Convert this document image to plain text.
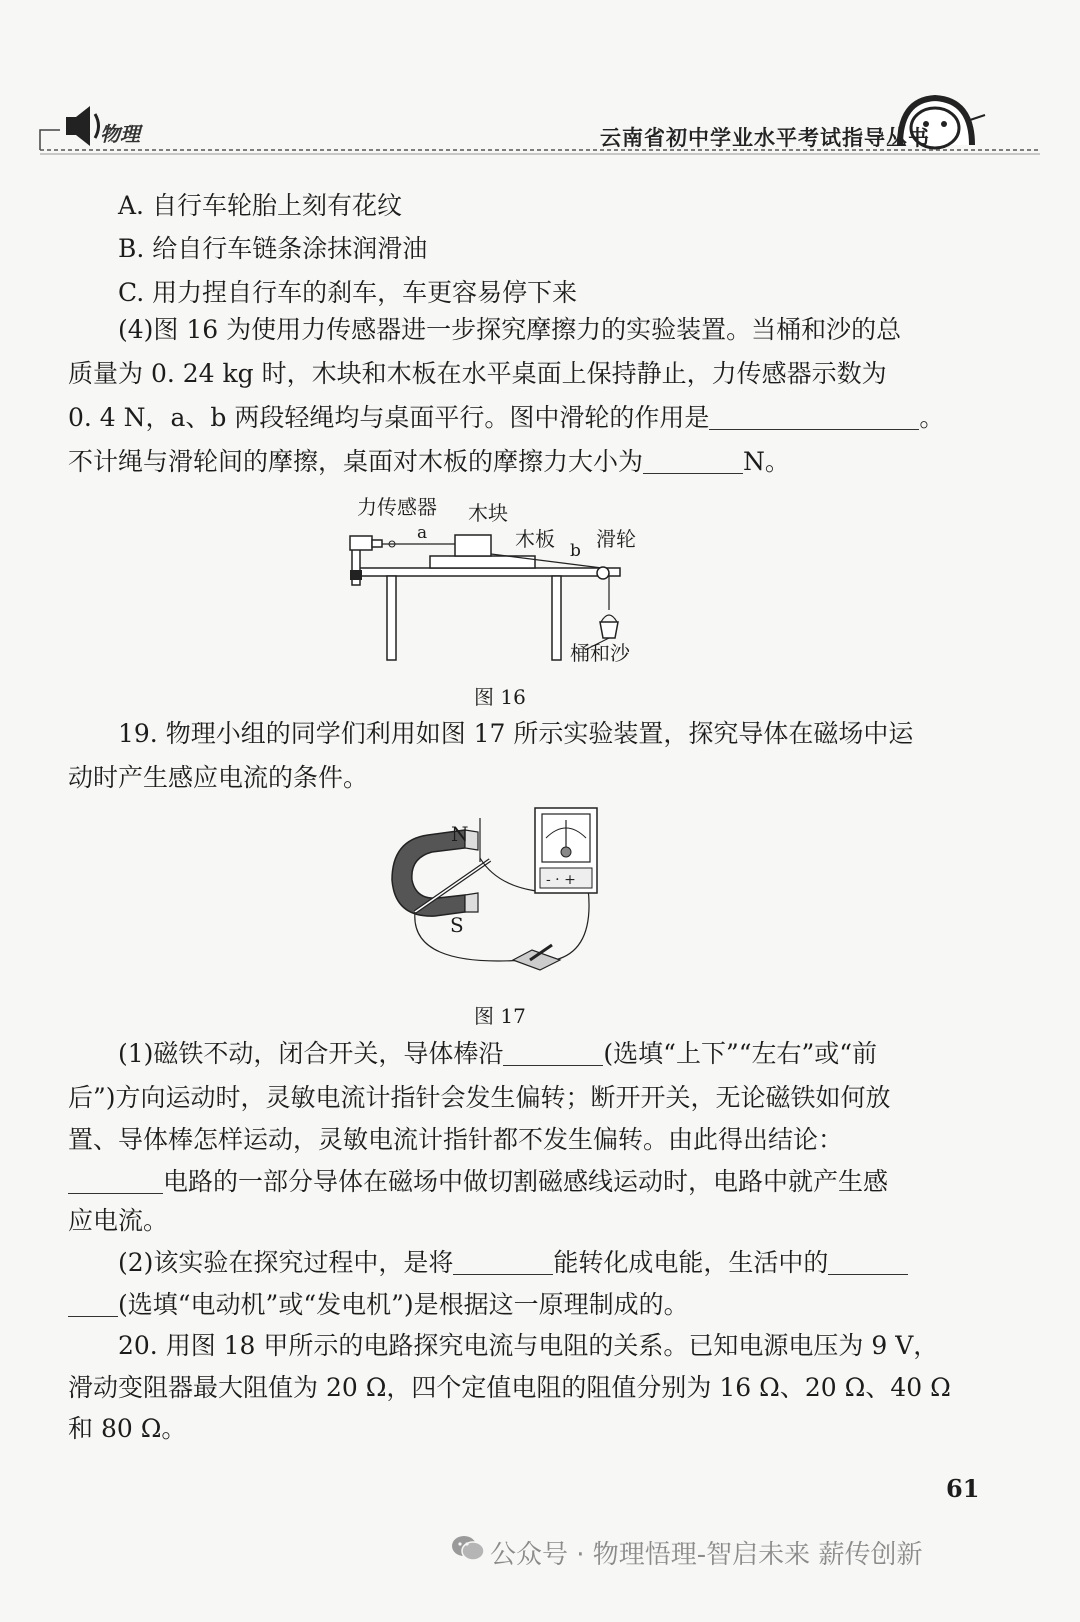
物理	云南省初中学业水平考试指导丛书
A. 自行车轮胎上刻有花纹
B. 给自行车链条涂抹润滑油
C. 用力捏自行车的刹车，车更容易停下来
(4)图 16 为使用力传感器进一步探究摩擦力的实验装置。当桶和沙的总
质量为 0. 24 kg 时，木块和木板在水平桌面上保持静止，力传感器示数为
0. 4 N，a、b 两段轻绳均与桌面平行。图中滑轮的作用是	。
不计绳与滑轮间的摩擦，桌面对木板的摩擦力大小为	N。
力传感器 木块
木板 滑轮
a
b
桶和沙
图 16
19. 物理小组的同学们利用如图 17 所示实验装置，探究导体在磁场中运
动时产生感应电流的条件。
- · +
N
S
图 17
(1)磁铁不动，闭合开关，导体棒沿	(选填“上下”“左右”或“前
后”)方向运动时，灵敏电流计指针会发生偏转；断开开关，无论磁铁如何放
置、导体棒怎样运动，灵敏电流计指针都不发生偏转。由此得出结论：
电路的一部分导体在磁场中做切割磁感线运动时，电路中就产生感
应电流。
(2)该实验在探究过程中，是将	能转化成电能，生活中的
(选填“电动机”或“发电机”)是根据这一原理制成的。
20. 用图 18 甲所示的电路探究电流与电阻的关系。已知电源电压为 9 V，
滑动变阻器最大阻值为 20 Ω，四个定值电阻的阻值分别为 16 Ω、20 Ω、40 Ω
和 80 Ω。
61
公众号 · 物理悟理-智启未来 薪传创新
